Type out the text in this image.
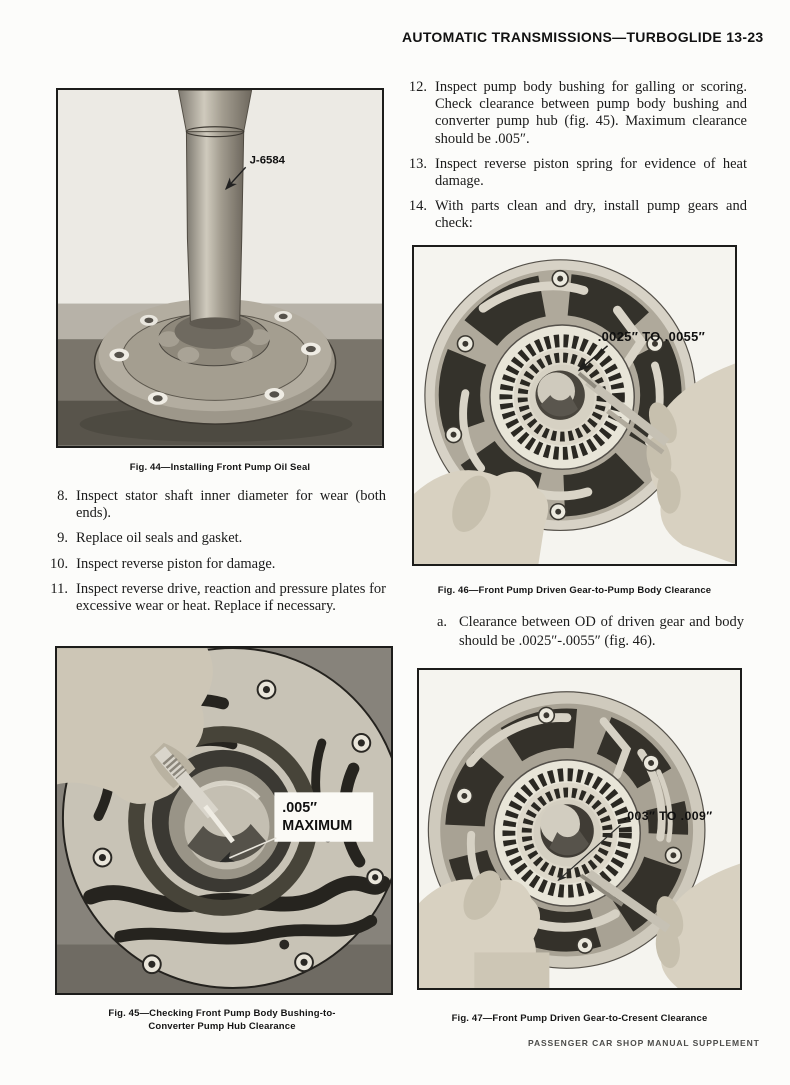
AUTOMATIC TRANSMISSIONS—TURBOGLIDE 13-23
J-6584
Fig. 44—Installing Front Pump Oil Seal
8. Inspect stator shaft inner diameter for wear (both ends).
9. Replace oil seals and gasket.
10. Inspect reverse piston for damage.
11. Inspect reverse drive, reaction and pressure plates for excessive wear or heat. Replace if necessary.
.005″
MAXIMUM
Fig. 45—Checking Front Pump Body Bushing-to-Converter Pump Hub Clearance
12. Inspect pump body bushing for galling or scoring. Check clearance between pump body bushing and converter pump hub (fig. 45). Maximum clearance should be .005″.
13. Inspect reverse piston spring for evidence of heat damage.
14. With parts clean and dry, install pump gears and check:
.0025″ TO .0055″
Fig. 46—Front Pump Driven Gear-to-Pump Body Clearance
a. Clearance between OD of driven gear and body should be .0025″-.0055″ (fig. 46).
.003″ TO .009″
Fig. 47—Front Pump Driven Gear-to-Cresent Clearance
PASSENGER CAR SHOP MANUAL SUPPLEMENT
